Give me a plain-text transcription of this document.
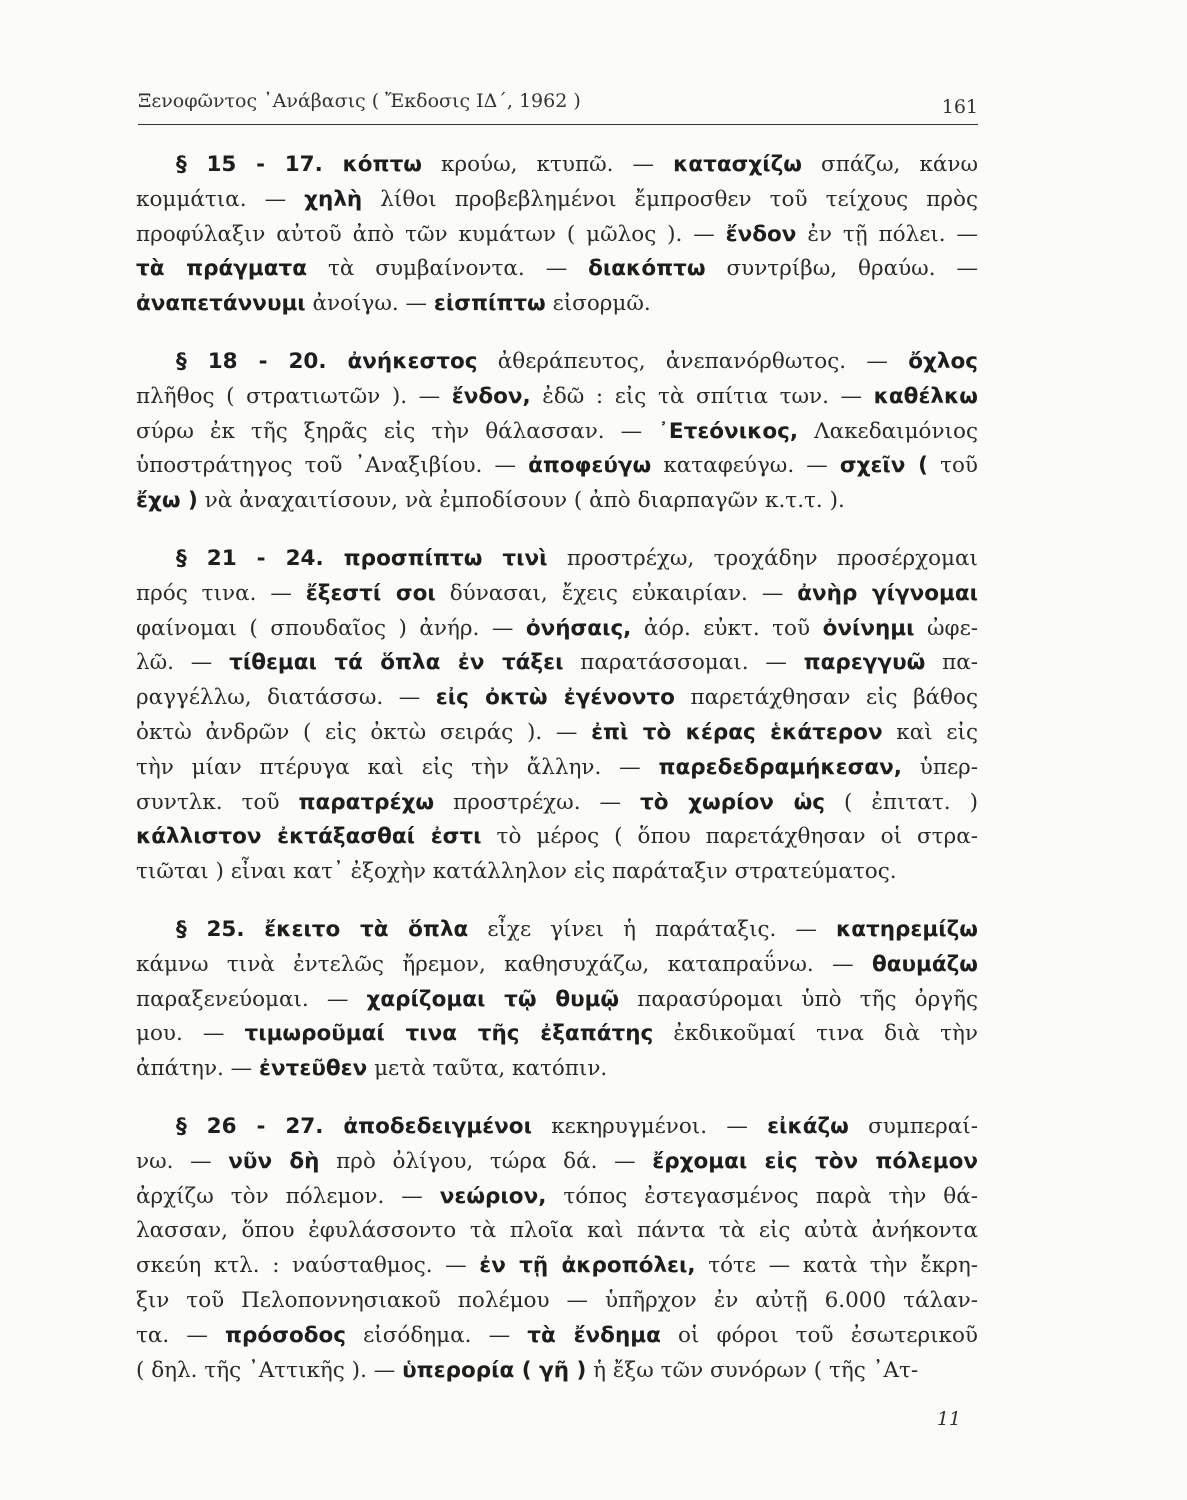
Ξενοφῶντος ᾿Ανάβασις ( Ἔκδοσις ΙΔ΄, 1962 )	161
§ 15 - 17. κόπτω κρούω, κτυπῶ. — κατασχίζω σπάζω, κάνω
κομμάτια. — χηλὴ λίθοι προβεβλημένοι ἔμπροσθεν τοῦ τείχους πρὸς
προφύλαξιν αὐτοῦ ἀπὸ τῶν κυμάτων ( μῶλος ). — ἔνδον ἐν τῇ πόλει. —
τὰ πράγματα τὰ συμβαίνοντα. — διακόπτω συντρίβω, θραύω. —
ἀναπετάννυμι ἀνοίγω. — εἰσπίπτω εἰσορμῶ.
§ 18 - 20. ἀνήκεστος ἀθεράπευτος, ἀνεπανόρθωτος. — ὄχλος
πλῆθος ( στρατιωτῶν ). — ἔνδον, ἐδῶ : εἰς τὰ σπίτια των. — καθέλκω
σύρω ἐκ τῆς ξηρᾶς εἰς τὴν θάλασσαν. — ᾿Ετεόνικος, Λακεδαιμόνιος
ὑποστράτηγος τοῦ ᾿Αναξιβίου. — ἀποφεύγω καταφεύγω. — σχεῖν ( τοῦ
ἔχω ) νὰ ἀναχαιτίσουν, νὰ ἐμποδίσουν ( ἀπὸ διαρπαγῶν κ.τ.τ. ).
§ 21 - 24. προσπίπτω τινὶ προστρέχω, τροχάδην προσέρχομαι
πρός τινα. — ἔξεστί σοι δύνασαι, ἔχεις εὐκαιρίαν. — ἀνὴρ γίγνομαι
φαίνομαι ( σπουδαῖος ) ἀνήρ. — ὀνήσαις, ἀόρ. εὐκτ. τοῦ ὀνίνημι ὠφε-
λῶ. — τίθεμαι τά ὅπλα ἐν τάξει παρατάσσομαι. — παρεγγυῶ πα-
ραγγέλλω, διατάσσω. — εἰς ὀκτὼ ἐγένοντο παρετάχθησαν εἰς βάθος
ὀκτὼ ἀνδρῶν ( εἰς ὀκτὼ σειράς ). — ἐπὶ τὸ κέρας ἑκάτερον καὶ εἰς
τὴν μίαν πτέρυγα καὶ εἰς τὴν ἄλλην. — παρεδεδραμήκεσαν, ὑπερ-
συντλκ. τοῦ παρατρέχω προστρέχω. — τὸ χωρίον ὡς ( ἐπιτατ. )
κάλλιστον ἐκτάξασθαί ἐστι τὸ μέρος ( ὅπου παρετάχθησαν οἱ στρα-
τιῶται ) εἶναι κατ᾿ ἐξοχὴν κατάλληλον εἰς παράταξιν στρατεύματος.
§ 25. ἔκειτο τὰ ὅπλα εἶχε γίνει ἡ παράταξις. — κατηρεμίζω
κάμνω τινὰ ἐντελῶς ἤρεμον, καθησυχάζω, καταπραΰνω. — θαυμάζω
παραξενεύομαι. — χαρίζομαι τῷ θυμῷ παρασύρομαι ὑπὸ τῆς ὀργῆς
μου. — τιμωροῦμαί τινα τῆς ἐξαπάτης ἐκδικοῦμαί τινα διὰ τὴν
ἀπάτην. — ἐντεῦθεν μετὰ ταῦτα, κατόπιν.
§ 26 - 27. ἀποδεδειγμένοι κεκηρυγμένοι. — εἰκάζω συμπεραί-
νω. — νῦν δὴ πρὸ ὀλίγου, τώρα δά. — ἔρχομαι εἰς τὸν πόλεμον
ἀρχίζω τὸν πόλεμον. — νεώριον, τόπος ἐστεγασμένος παρὰ τὴν θά-
λασσαν, ὅπου ἐφυλάσσοντο τὰ πλοῖα καὶ πάντα τὰ εἰς αὐτὰ ἀνήκοντα
σκεύη κτλ. : ναύσταθμος. — ἐν τῇ ἀκροπόλει, τότε — κατὰ τὴν ἔκρη-
ξιν τοῦ Πελοποννησιακοῦ πολέμου — ὑπῆρχον ἐν αὐτῇ 6.000 τάλαν-
τα. — πρόσοδος εἰσόδημα. — τὰ ἔνδημα οἱ φόροι τοῦ ἐσωτερικοῦ
( δηλ. τῆς ᾿Αττικῆς ). — ὑπερορία ( γῆ ) ἡ ἔξω τῶν συνόρων ( τῆς ᾿Ατ-
11
